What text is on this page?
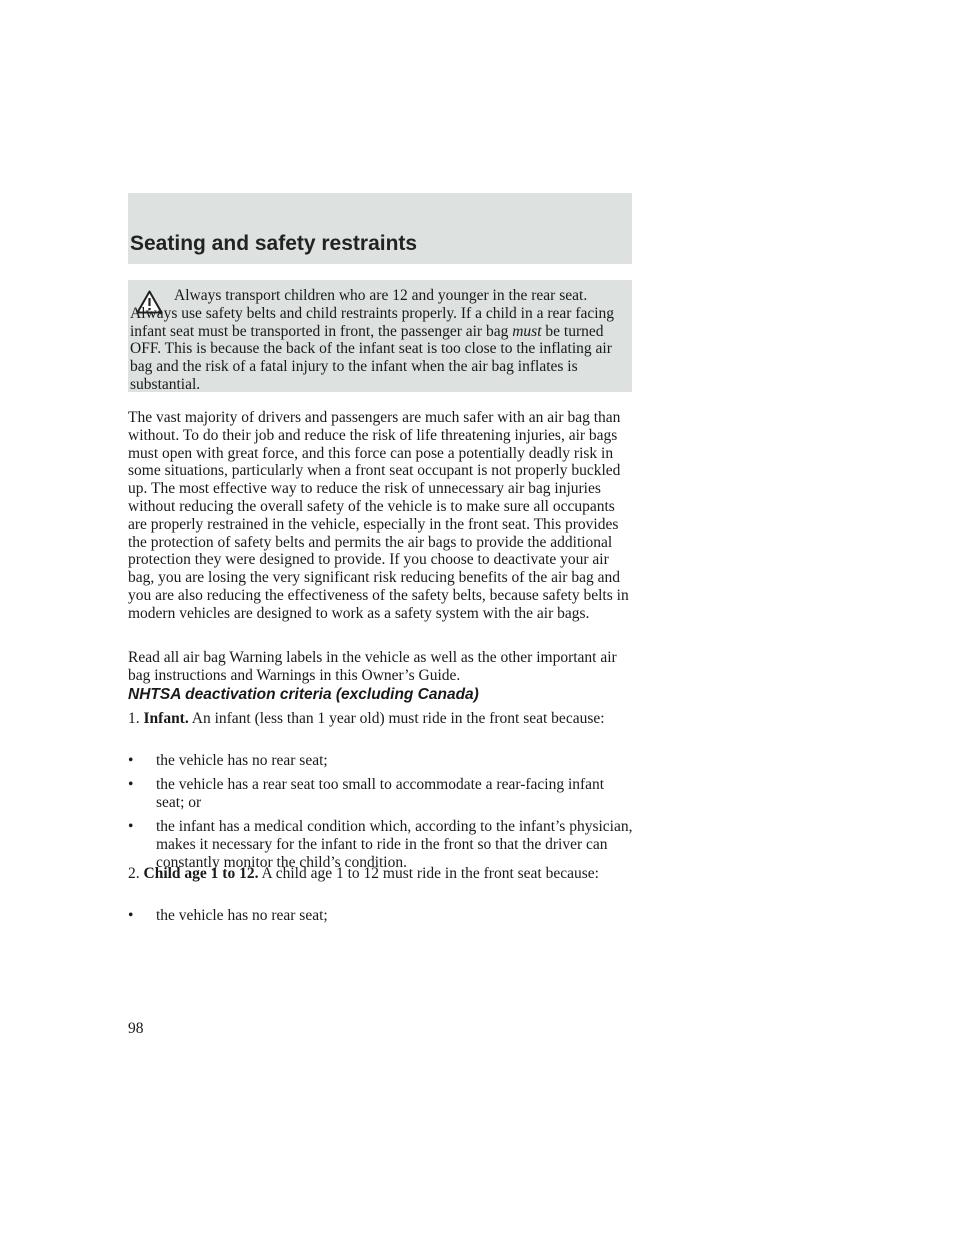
Seating and safety restraints

Always transport children who are 12 and younger in the rear seat. Always use safety belts and child restraints properly. If a child in a rear facing infant seat must be transported in front, the passenger air bag must be turned OFF. This is because the back of the infant seat is too close to the inflating air bag and the risk of a fatal injury to the infant when the air bag inflates is substantial.

The vast majority of drivers and passengers are much safer with an air bag than without. To do their job and reduce the risk of life threatening injuries, air bags must open with great force, and this force can pose a potentially deadly risk in some situations, particularly when a front seat occupant is not properly buckled up. The most effective way to reduce the risk of unnecessary air bag injuries without reducing the overall safety of the vehicle is to make sure all occupants are properly restrained in the vehicle, especially in the front seat. This provides the protection of safety belts and permits the air bags to provide the additional protection they were designed to provide. If you choose to deactivate your air bag, you are losing the very significant risk reducing benefits of the air bag and you are also reducing the effectiveness of the safety belts, because safety belts in modern vehicles are designed to work as a safety system with the air bags.

Read all air bag Warning labels in the vehicle as well as the other important air bag instructions and Warnings in this Owner’s Guide.

NHTSA deactivation criteria (excluding Canada)

1. Infant. An infant (less than 1 year old) must ride in the front seat because:

• the vehicle has no rear seat;
• the vehicle has a rear seat too small to accommodate a rear-facing infant seat; or
• the infant has a medical condition which, according to the infant’s physician, makes it necessary for the infant to ride in the front so that the driver can constantly monitor the child’s condition.

2. Child age 1 to 12. A child age 1 to 12 must ride in the front seat because:

• the vehicle has no rear seat;

98
